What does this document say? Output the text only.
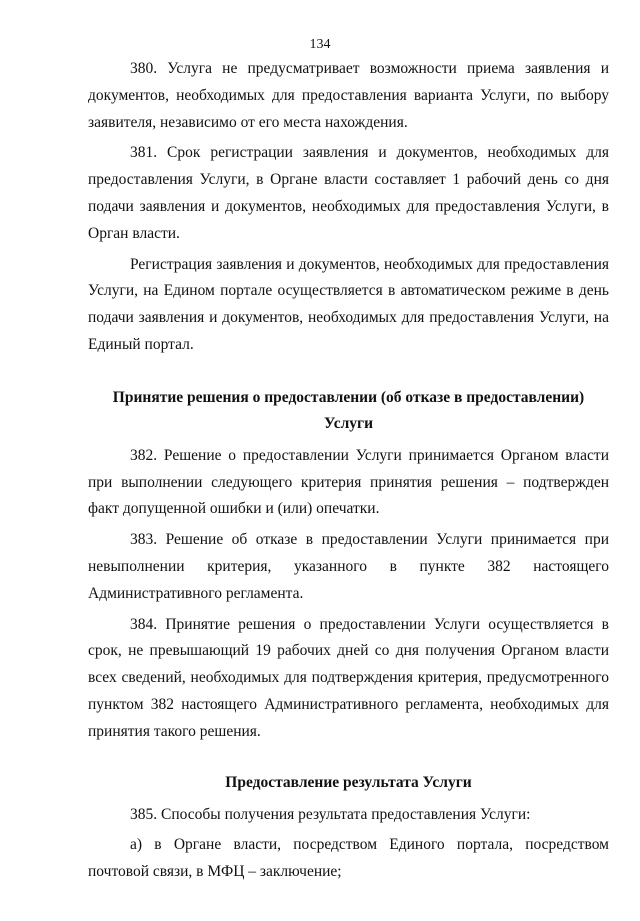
134

380. Услуга не предусматривает возможности приема заявления и документов, необходимых для предоставления варианта Услуги, по выбору заявителя, независимо от его места нахождения.

381. Срок регистрации заявления и документов, необходимых для предоставления Услуги, в Органе власти составляет 1 рабочий день со дня подачи заявления и документов, необходимых для предоставления Услуги, в Орган власти.

Регистрация заявления и документов, необходимых для предоставления Услуги, на Едином портале осуществляется в автоматическом режиме в день подачи заявления и документов, необходимых для предоставления Услуги, на Единый портал.

Принятие решения о предоставлении (об отказе в предоставлении) Услуги

382. Решение о предоставлении Услуги принимается Органом власти при выполнении следующего критерия принятия решения – подтвержден факт допущенной ошибки и (или) опечатки.

383. Решение об отказе в предоставлении Услуги принимается при невыполнении критерия, указанного в пункте 382 настоящего Административного регламента.

384. Принятие решения о предоставлении Услуги осуществляется в срок, не превышающий 19 рабочих дней со дня получения Органом власти всех сведений, необходимых для подтверждения критерия, предусмотренного пунктом 382 настоящего Административного регламента, необходимых для принятия такого решения.

Предоставление результата Услуги

385. Способы получения результата предоставления Услуги:

а) в Органе власти, посредством Единого портала, посредством почтовой связи, в МФЦ – заключение;
